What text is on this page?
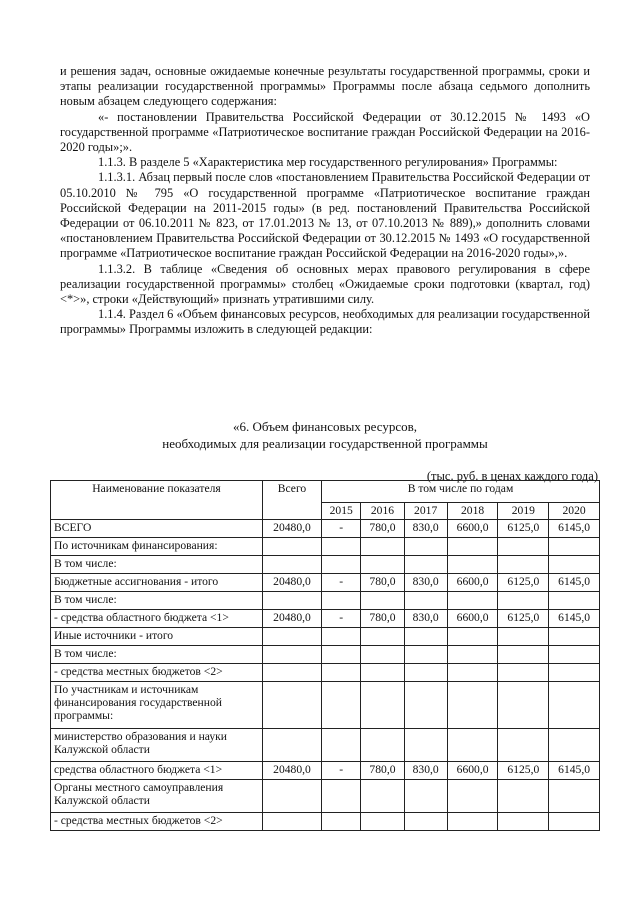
и решения задач, основные ожидаемые конечные результаты государственной программы, сроки и этапы реализации государственной программы» Программы после абзаца седьмого дополнить новым абзацем следующего содержания:

«- постановлении Правительства Российской Федерации от 30.12.2015 № 1493 «О государственной программе «Патриотическое воспитание граждан Российской Федерации на 2016-2020 годы»;».

1.1.3. В разделе 5 «Характеристика мер государственного регулирования» Программы:

1.1.3.1. Абзац первый после слов «постановлением Правительства Российской Федерации от 05.10.2010 № 795 «О государственной программе «Патриотическое воспитание граждан Российской Федерации на 2011-2015 годы» (в ред. постановлений Правительства Российской Федерации от 06.10.2011 № 823, от 17.01.2013 № 13, от 07.10.2013 № 889),» дополнить словами «постановлением Правительства Российской Федерации от 30.12.2015 № 1493 «О государственной программе «Патриотическое воспитание граждан Российской Федерации на 2016-2020 годы»,».

1.1.3.2. В таблице «Сведения об основных мерах правового регулирования в сфере реализации государственной программы» столбец «Ожидаемые сроки подготовки (квартал, год) <*>», строки «Действующий» признать утратившими силу.

1.1.4. Раздел 6 «Объем финансовых ресурсов, необходимых для реализации государственной программы» Программы изложить в следующей редакции:

«6. Объем финансовых ресурсов,
необходимых для реализации государственной программы
(тыс. руб. в ценах каждого года)
Наименование показателя	Всего	В том числе по годам					
		2015	2016	2017	2018	2019	2020
ВСЕГО	20480,0	-	780,0	830,0	6600,0	6125,0	6145,0
По источникам финансирования:							
В том числе:							
Бюджетные ассигнования - итого	20480,0	-	780,0	830,0	6600,0	6125,0	6145,0
В том числе:							
- средства областного бюджета <1>	20480,0	-	780,0	830,0	6600,0	6125,0	6145,0
Иные источники - итого							
В том числе:							
- средства местных бюджетов <2>							
По участникам и источникам финансирования государственной программы:							
министерство образования и науки Калужской области							
средства областного бюджета <1>	20480,0	-	780,0	830,0	6600,0	6125,0	6145,0
Органы местного самоуправления Калужской области							
- средства местных бюджетов <2>							
